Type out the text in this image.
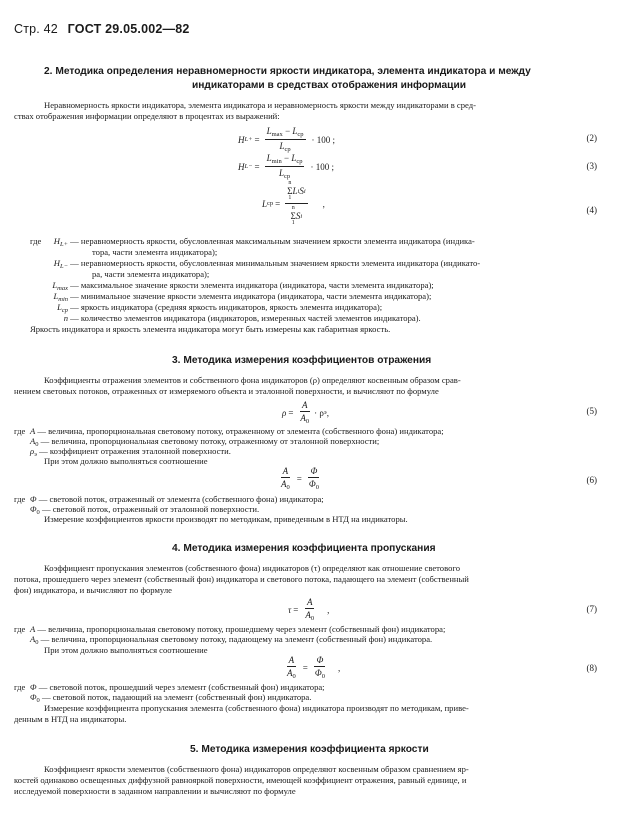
Стр. 42 ГОСТ 29.05.002—82
2. Методика определения неравномерности яркости индикатора, элемента индикатора и между
индикаторами в средствах отображения информации
Неравномерность яркости индикатора, элемента индикатора и неравномерность яркости между индикаторами в сред-
ствах отображения информации определяют в процентах из выражений:
H $L+ = \frac{L_{max} - L_{ср}}{L_{ср}} \cdot 100$ ;	(2)
H $L- = \frac{L_{min} - L_{ср}}{L_{ср}} \cdot 100$ ;	(3)
L ср = n
Σ
1
L i S i
n
Σ
1
S i ,
(4)
где	$H_{L+}$ — неравномерность яркости, обусловленная максимальным значением яркости элемента индикатора (индика-
тора, части элемента индикатора);
$H_{L-}$ — неравномерность яркости, обусловленная минимальным значением яркости элемента индикатора (индикато-
ра, части элемента индикатора);
$L_{max}$ — максимальное значение яркости элемента индикатора (индикатора, части элемента индикатора);
$L_{min}$ — минимальное значение яркости элемента индикатора (индикатора, части элемента индикатора);
$L_{ср}$ — яркость индикатора (средняя яркость индикаторов, яркость элемента индикатора);
n — количество элементов индикатора (индикаторов, измеренных частей элементов индикатора).
Яркость индикатора и яркость элемента индикатора могут быть измерены как габаритная яркость.
3. Методика измерения коэффициентов отражения
Коэффициенты отражения элементов и собственного фона индикаторов (ρ) определяют косвенным образом срав-
нением световых потоков, отраженных от измеряемого объекта и эталонной поверхности, и вычисляют по формуле
$\rho = \frac{A}{A_0} \cdot \rho$ э ,	(5)
где A — величина, пропорциональная световому потоку, отраженному от элемента (собственного фона) индикатора;
$A_0$ — величина, пропорциональная световому потоку, отраженному от эталонной поверхности;
$\rho_э$ — коэффициент отражения эталонной поверхности.
При этом должно выполняться соотношение
$\frac{A}{A_0} = \frac{\Phi}{\Phi_0}$	(6)
где Φ — световой поток, отраженный от элемента (собственного фона) индикатора;
$\Phi_0$ — световой поток, отраженный от эталонной поверхности.
Измерение коэффициентов яркости производят по методикам, приведенным в НТД на индикаторы.
4. Методика измерения коэффициента пропускания
Коэффициент пропускания элементов (собственного фона) индикаторов (τ) определяют как отношение светового
потока, прошедшего через элемент (собственный фон) индикатора и светового потока, падающего на элемент (собственный
фон) индикатора, и вычисляют по формуле
$\tau = \frac{A}{A_0}$ ,	(7)
где A — величина, пропорциональная световому потоку, прошедшему через элемент (собственный фон) индикатора;
$A_0$ — величина, пропорциональная световому потоку, падающему на элемент (собственный фон) индикатора.
При этом должно выполняться соотношение
$\frac{A}{A_0} = \frac{\Phi}{\Phi_0}$ ,	(8)
где Φ — световой поток, прошедший через элемент (собственный фон) индикатора;
$\Phi_0$ — световой поток, падающий на элемент (собственный фон) индикатора.
Измерение коэффициента пропускания элемента (собственного фона) индикатора производят по методикам, приве-
денным в НТД на индикаторы.
5. Методика измерения коэффициента яркости
Коэффициент яркости элементов (собственного фона) индикаторов определяют косвенным образом сравнением яр-
костей одинаково освещенных диффузной равнояркой поверхности, имеющей коэффициент отражения, равный единице, и
исследуемой поверхности в заданном направлении и вычисляют по формуле
